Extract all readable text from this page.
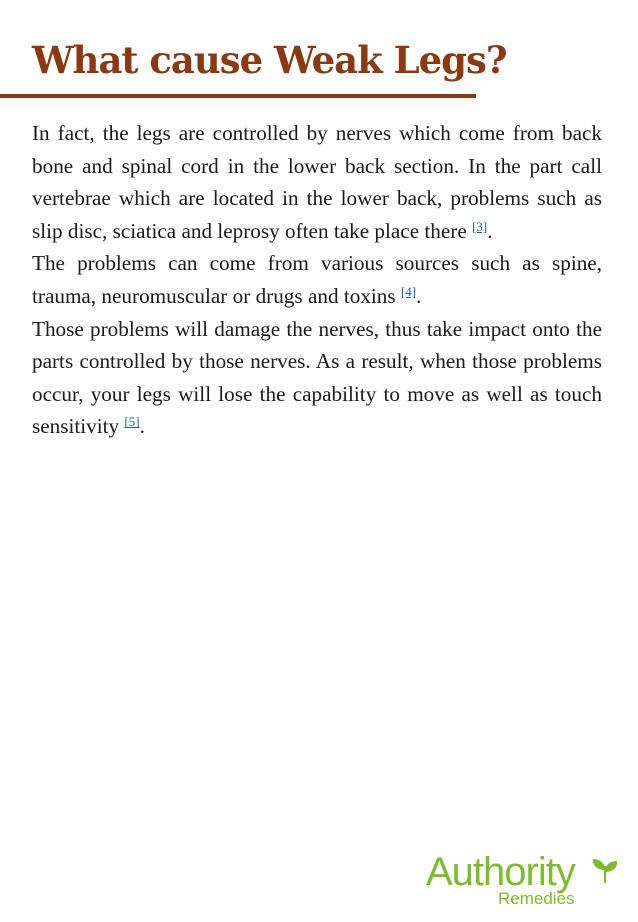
What cause Weak Legs?

In fact, the legs are controlled by nerves which come from back bone and spinal cord in the lower back section. In the part call vertebrae which are located in the lower back, problems such as slip disc, sciatica and leprosy often take place there [3].

The problems can come from various sources such as spine, trauma, neuromuscular or drugs and toxins [4].

Those problems will damage the nerves, thus take impact onto the parts controlled by those nerves. As a result, when those problems occur, your legs will lose the capability to move as well as touch sensitivity [5].

Authority
Remedies
